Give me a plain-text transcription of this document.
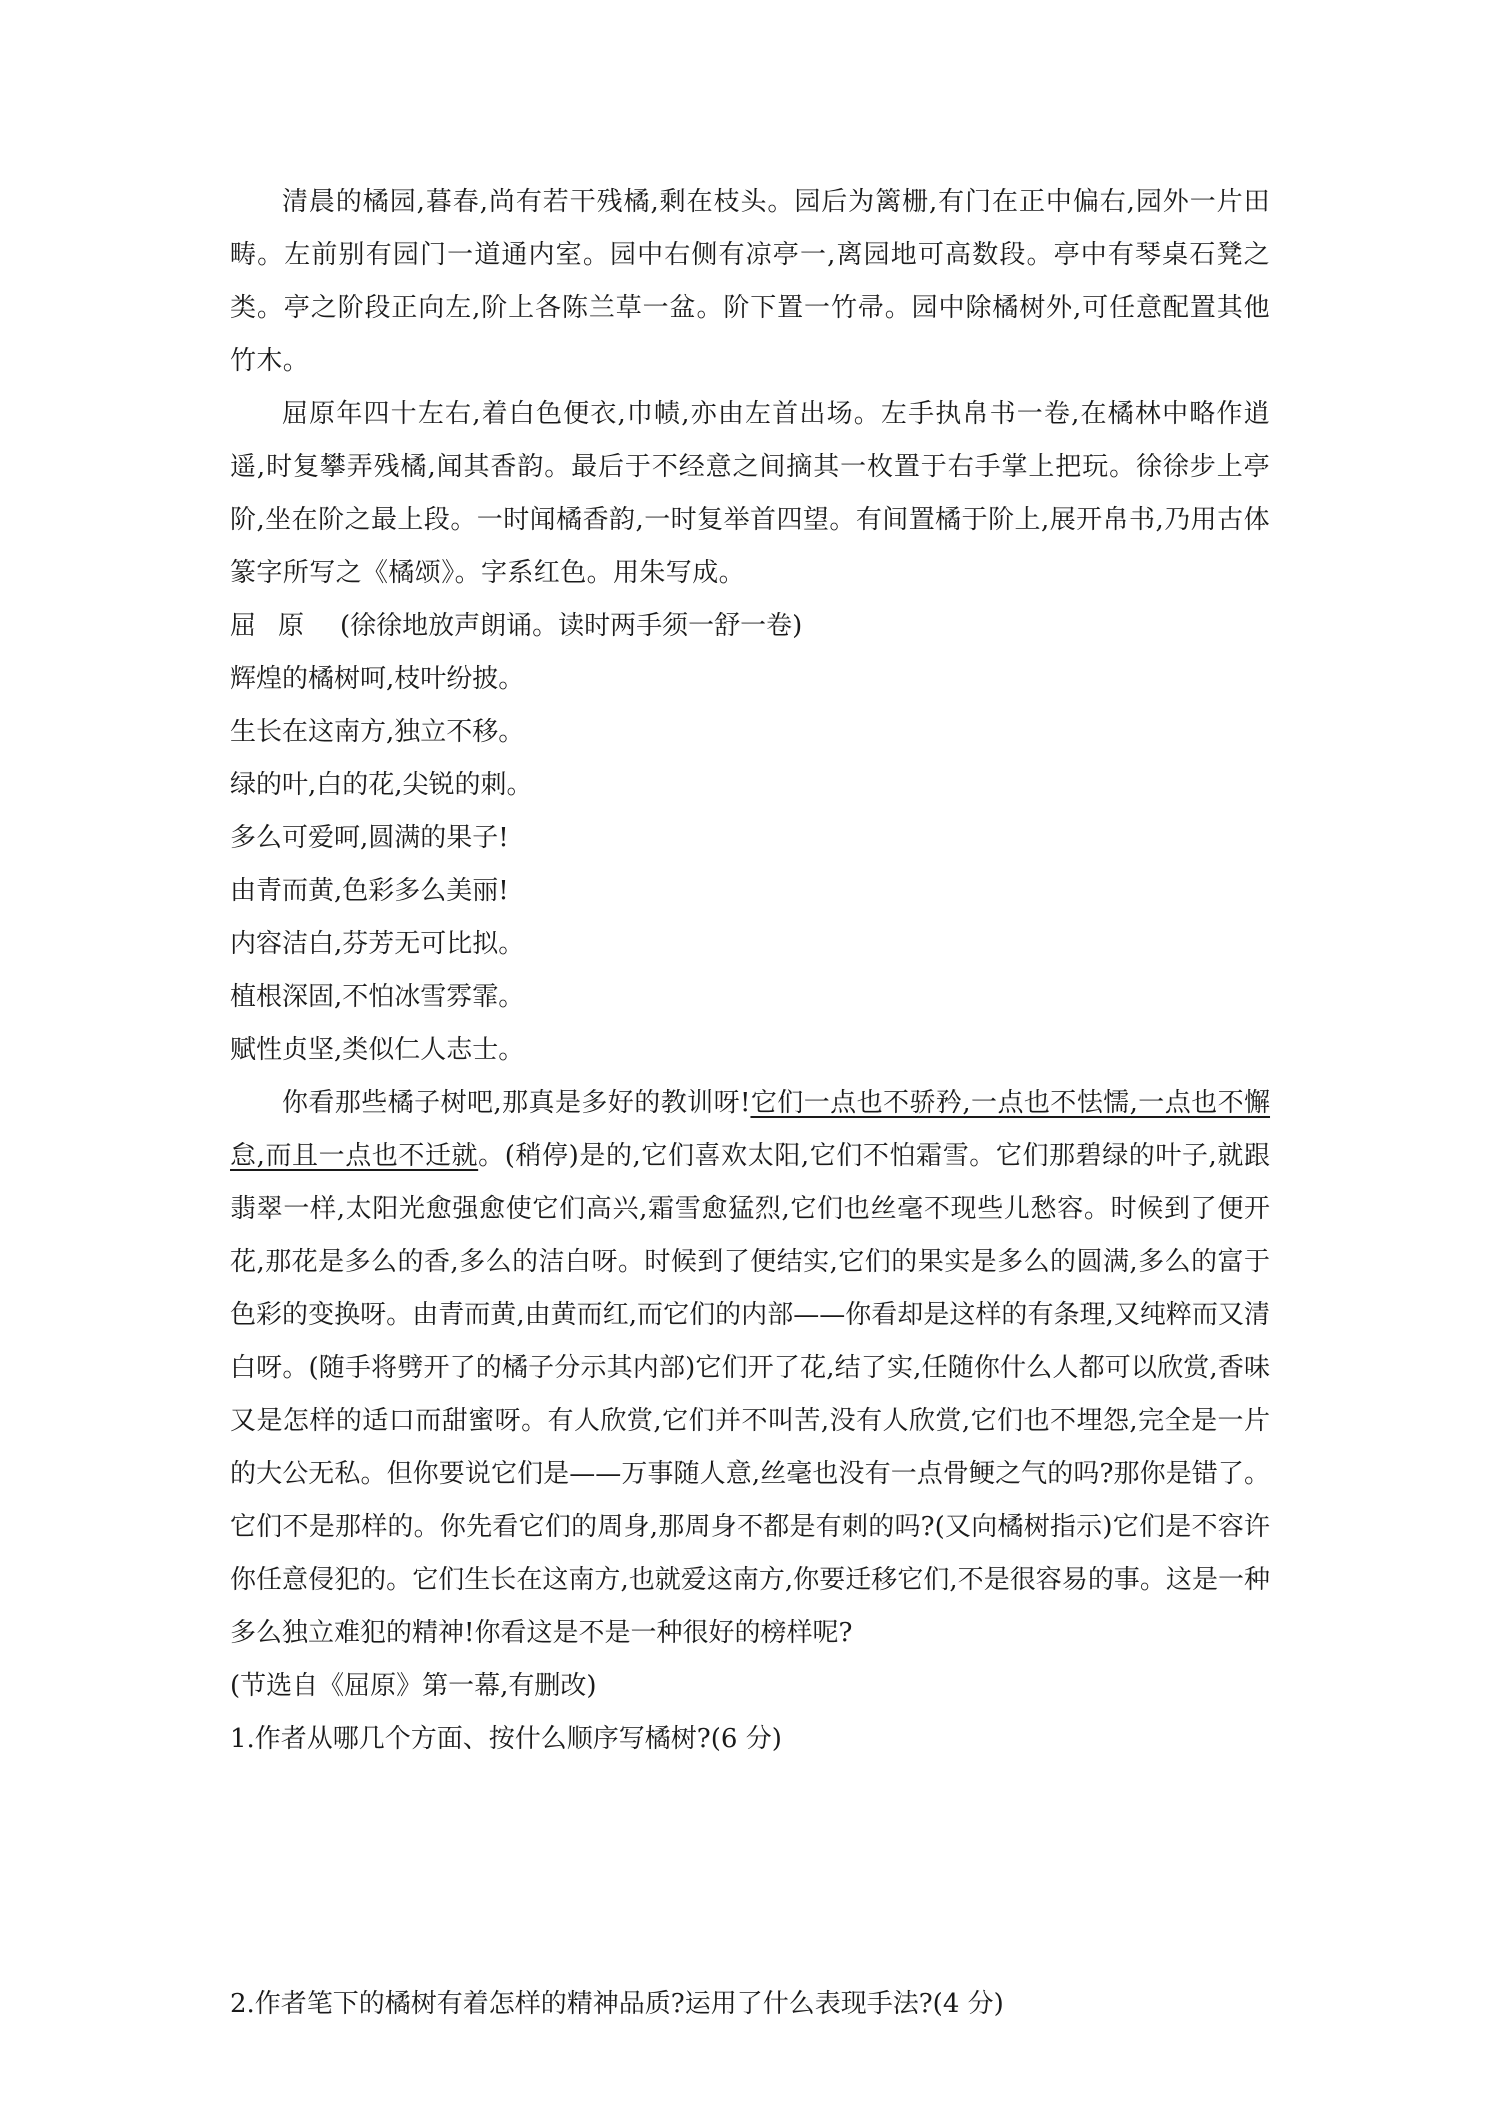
清晨的橘园,暮春,尚有若干残橘,剩在枝头。园后为篱栅,有门在正中偏右,园外一片田畴。左前别有园门一道通内室。园中右侧有凉亭一,离园地可高数段。亭中有琴桌石凳之类。亭之阶段正向左,阶上各陈兰草一盆。阶下置一竹帚。园中除橘树外,可任意配置其他竹木。

屈原年四十左右,着白色便衣,巾帻,亦由左首出场。左手执帛书一卷,在橘林中略作逍遥,时复攀弄残橘,闻其香韵。最后于不经意之间摘其一枚置于右手掌上把玩。徐徐步上亭阶,坐在阶之最上段。一时闻橘香韵,一时复举首四望。有间置橘于阶上,展开帛书,乃用古体篆字所写之《橘颂》。字系红色。用朱写成。

屈原 (徐徐地放声朗诵。读时两手须一舒一卷)

辉煌的橘树呵,枝叶纷披。

生长在这南方,独立不移。

绿的叶,白的花,尖锐的刺。

多么可爱呵,圆满的果子!

由青而黄,色彩多么美丽!

内容洁白,芬芳无可比拟。

植根深固,不怕冰雪雰霏。

赋性贞坚,类似仁人志士。

你看那些橘子树吧,那真是多好的教训呀!它们一点也不骄矜,一点也不怯懦,一点也不懈怠,而且一点也不迁就。(稍停)是的,它们喜欢太阳,它们不怕霜雪。它们那碧绿的叶子,就跟翡翠一样,太阳光愈强愈使它们高兴,霜雪愈猛烈,它们也丝毫不现些儿愁容。时候到了便开花,那花是多么的香,多么的洁白呀。时候到了便结实,它们的果实是多么的圆满,多么的富于色彩的变换呀。由青而黄,由黄而红,而它们的内部——你看却是这样的有条理,又纯粹而又清白呀。(随手将劈开了的橘子分示其内部)它们开了花,结了实,任随你什么人都可以欣赏,香味又是怎样的适口而甜蜜呀。有人欣赏,它们并不叫苦,没有人欣赏,它们也不埋怨,完全是一片的大公无私。但你要说它们是——万事随人意,丝毫也没有一点骨鲠之气的吗?那你是错了。它们不是那样的。你先看它们的周身,那周身不都是有刺的吗?(又向橘树指示)它们是不容许你任意侵犯的。它们生长在这南方,也就爱这南方,你要迁移它们,不是很容易的事。这是一种多么独立难犯的精神!你看这是不是一种很好的榜样呢?

(节选自《屈原》第一幕,有删改)

1.作者从哪几个方面、按什么顺序写橘树?(6 分)

2.作者笔下的橘树有着怎样的精神品质?运用了什么表现手法?(4 分)
